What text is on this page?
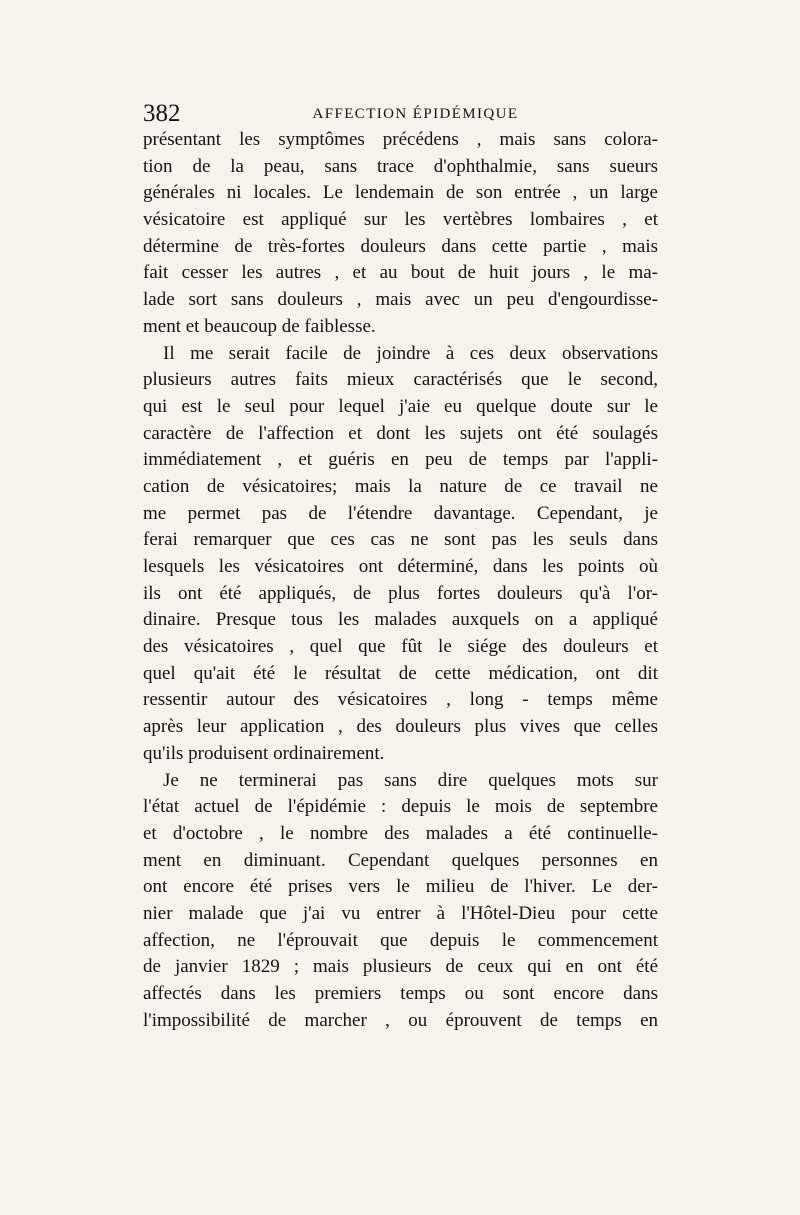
382	AFFECTION ÉPIDÉMIQUE
présentant les symptômes précédens , mais sans colora-
tion de la peau, sans trace d'ophthalmie, sans sueurs
générales ni locales. Le lendemain de son entrée , un large
vésicatoire est appliqué sur les vertèbres lombaires , et
détermine de très-fortes douleurs dans cette partie , mais
fait cesser les autres , et au bout de huit jours , le ma-
lade sort sans douleurs , mais avec un peu d'engourdisse-
ment et beaucoup de faiblesse.
Il me serait facile de joindre à ces deux observations
plusieurs autres faits mieux caractérisés que le second,
qui est le seul pour lequel j'aie eu quelque doute sur le
caractère de l'affection et dont les sujets ont été soulagés
immédiatement , et guéris en peu de temps par l'appli-
cation de vésicatoires; mais la nature de ce travail ne
me permet pas de l'étendre davantage. Cependant, je
ferai remarquer que ces cas ne sont pas les seuls dans
lesquels les vésicatoires ont déterminé, dans les points où
ils ont été appliqués, de plus fortes douleurs qu'à l'or-
dinaire. Presque tous les malades auxquels on a appliqué
des vésicatoires , quel que fût le siége des douleurs et
quel qu'ait été le résultat de cette médication, ont dit
ressentir autour des vésicatoires , long - temps même
après leur application , des douleurs plus vives que celles
qu'ils produisent ordinairement.
Je ne terminerai pas sans dire quelques mots sur
l'état actuel de l'épidémie : depuis le mois de septembre
et d'octobre , le nombre des malades a été continuelle-
ment en diminuant. Cependant quelques personnes en
ont encore été prises vers le milieu de l'hiver. Le der-
nier malade que j'ai vu entrer à l'Hôtel-Dieu pour cette
affection, ne l'éprouvait que depuis le commencement
de janvier 1829 ; mais plusieurs de ceux qui en ont été
affectés dans les premiers temps ou sont encore dans
l'impossibilité de marcher , ou éprouvent de temps en
